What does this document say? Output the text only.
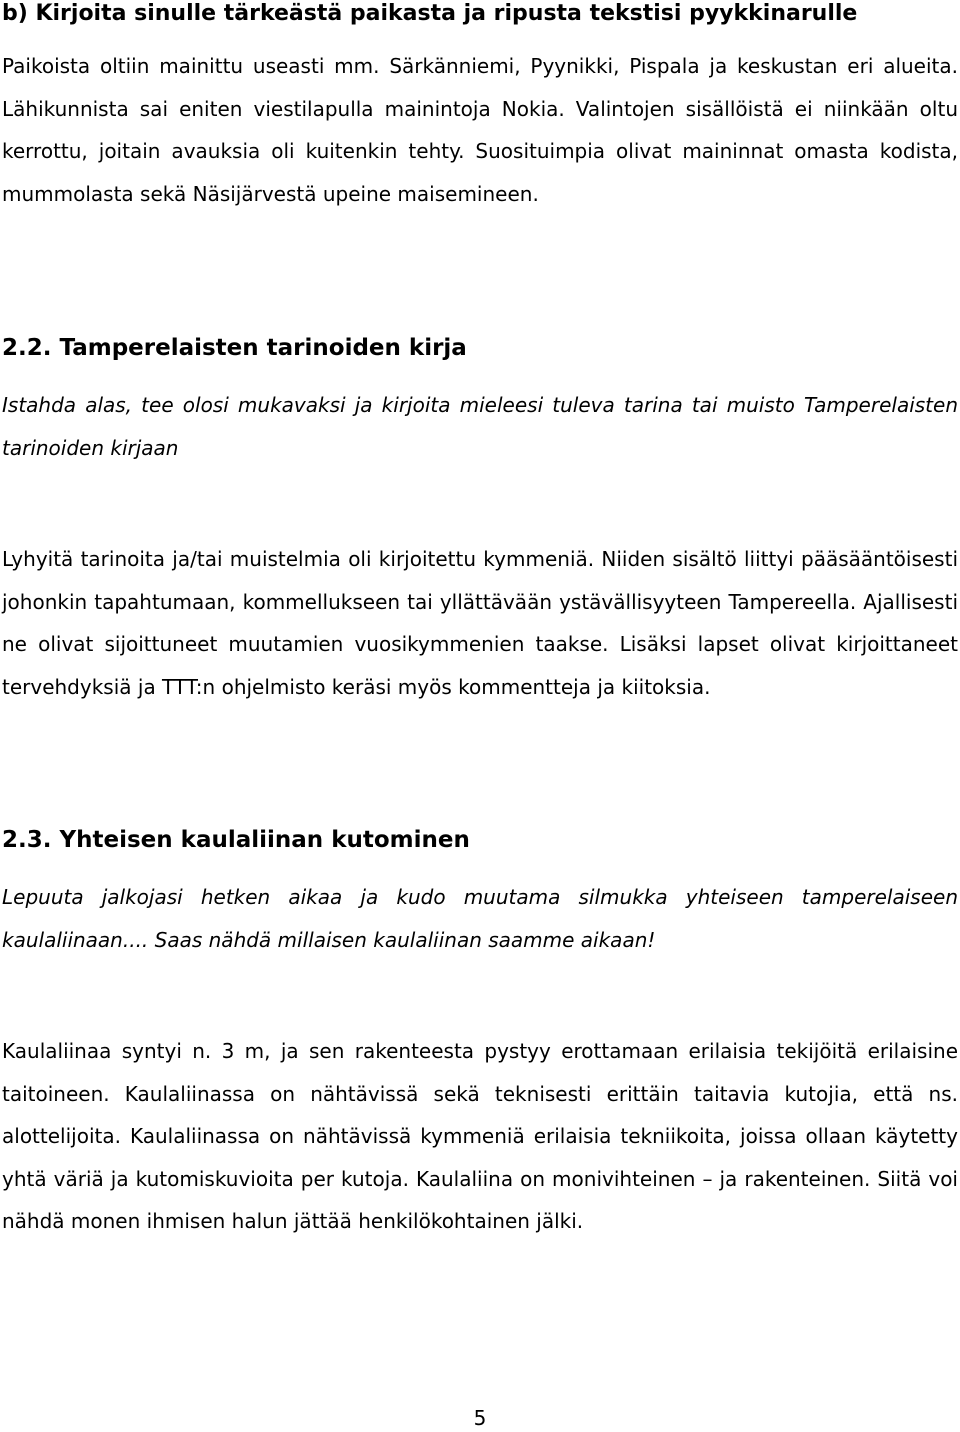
b) Kirjoita sinulle tärkeästä paikasta ja ripusta tekstisi pyykkinarulle

Paikoista oltiin mainittu useasti mm. Särkänniemi, Pyynikki, Pispala ja keskustan eri alueita. Lähikunnista sai eniten viestilapulla mainintoja Nokia. Valintojen sisällöistä ei niinkään oltu kerrottu, joitain avauksia oli kuitenkin tehty. Suosituimpia olivat maininnat omasta kodista, mummolasta sekä Näsijärvestä upeine maisemineen.

2.2. Tamperelaisten tarinoiden kirja

Istahda alas, tee olosi mukavaksi ja kirjoita mieleesi tuleva tarina tai muisto Tamperelaisten tarinoiden kirjaan

Lyhyitä tarinoita ja/tai muistelmia oli kirjoitettu kymmeniä. Niiden sisältö liittyi pääsääntöisesti johonkin tapahtumaan, kommellukseen tai yllättävään ystävällisyyteen Tampereella. Ajallisesti ne olivat sijoittuneet muutamien vuosikymmenien taakse. Lisäksi lapset olivat kirjoittaneet tervehdyksiä ja TTT:n ohjelmisto keräsi myös kommentteja ja kiitoksia.

2.3. Yhteisen kaulaliinan kutominen

Lepuuta jalkojasi hetken aikaa ja kudo muutama silmukka yhteiseen tamperelaiseen kaulaliinaan.... Saas nähdä millaisen kaulaliinan saamme aikaan!

Kaulaliinaa syntyi n. 3 m, ja sen rakenteesta pystyy erottamaan erilaisia tekijöitä erilaisine taitoineen. Kaulaliinassa on nähtävissä sekä teknisesti erittäin taitavia kutojia, että ns. alottelijoita. Kaulaliinassa on nähtävissä kymmeniä erilaisia tekniikoita, joissa ollaan käytetty yhtä väriä ja kutomiskuvioita per kutoja. Kaulaliina on monivihteinen – ja rakenteinen. Siitä voi nähdä monen ihmisen halun jättää henkilökohtainen jälki.

5
